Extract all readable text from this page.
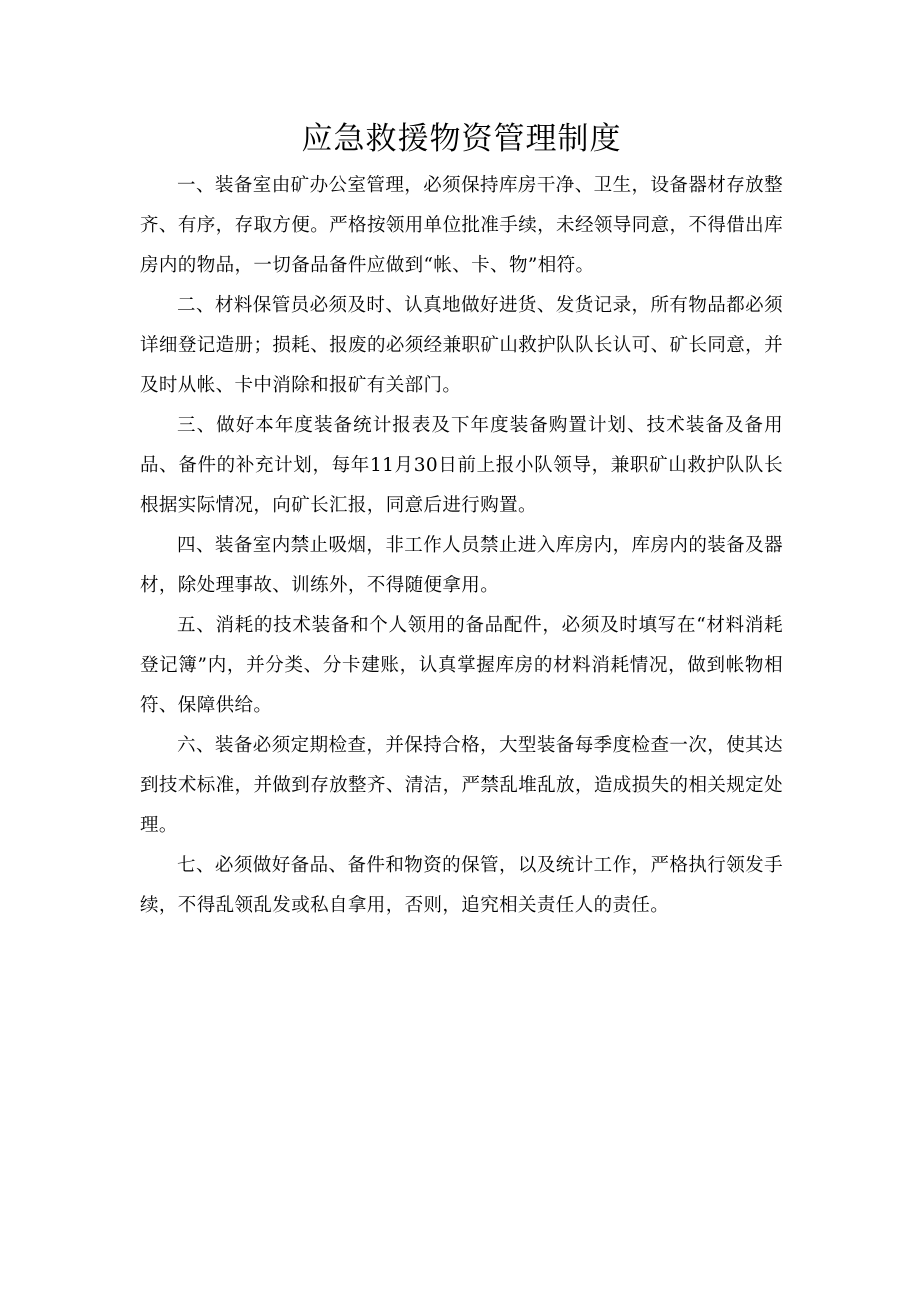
应急救援物资管理制度

一、装备室由矿办公室管理，必须保持库房干净、卫生，设备器材存放整齐、有序，存取方便。严格按领用单位批准手续，未经领导同意，不得借出库房内的物品，一切备品备件应做到“帐、卡、物”相符。

二、材料保管员必须及时、认真地做好进货、发货记录，所有物品都必须详细登记造册；损耗、报废的必须经兼职矿山救护队队长认可、矿长同意，并及时从帐、卡中消除和报矿有关部门。

三、做好本年度装备统计报表及下年度装备购置计划、技术装备及备用品、备件的补充计划，每年11月30日前上报小队领导，兼职矿山救护队队长根据实际情况，向矿长汇报，同意后进行购置。

四、装备室内禁止吸烟，非工作人员禁止进入库房内，库房内的装备及器材，除处理事故、训练外，不得随便拿用。

五、消耗的技术装备和个人领用的备品配件，必须及时填写在“材料消耗登记簿”内，并分类、分卡建账，认真掌握库房的材料消耗情况，做到帐物相符、保障供给。

六、装备必须定期检查，并保持合格，大型装备每季度检查一次，使其达到技术标准，并做到存放整齐、清洁，严禁乱堆乱放，造成损失的相关规定处理。

七、必须做好备品、备件和物资的保管，以及统计工作，严格执行领发手续，不得乱领乱发或私自拿用，否则，追究相关责任人的责任。
